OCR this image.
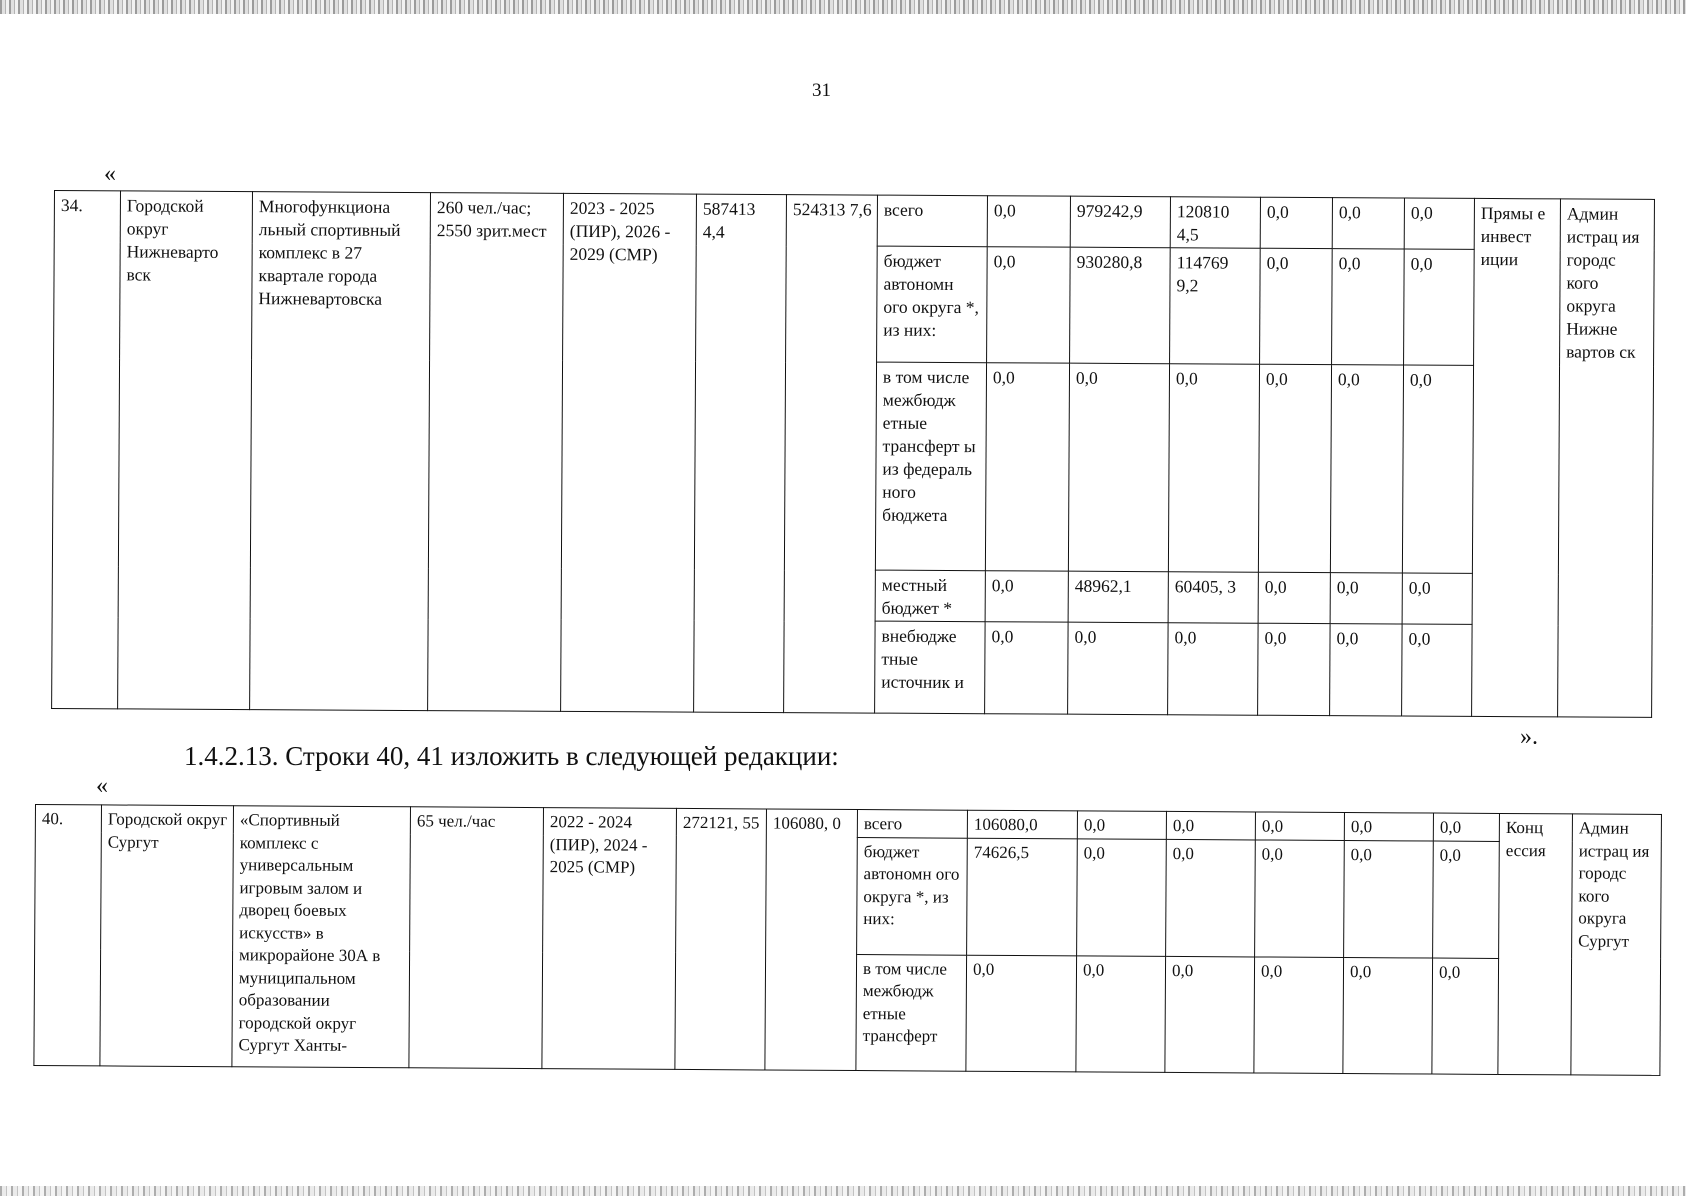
31
«
34.	Городской округ Нижневарто вск	Многофункциона льный спортивный комплекс в 27 квартале города Нижневартовска	260 чел./час; 2550 зрит.мест	2023 - 2025 (ПИР), 2026 - 2029 (СМР)	587413 4,4	524313 7,6	всего	0,0	979242,9	120810 4,5	0,0	0,0	0,0	Прямы е инвест иции	Админ истрац ия городс кого округа Нижне вартов ск
							бюджет автономн ого округа *, из них:	0,0	930280,8	114769 9,2	0,0	0,0	0,0		
							в том числе межбюдж етные трансферт ы из федераль ного бюджета	0,0	0,0	0,0	0,0	0,0	0,0		
							местный бюджет *	0,0	48962,1	60405, 3	0,0	0,0	0,0		
							внебюдже тные источник и	0,0	0,0	0,0	0,0	0,0	0,0		
».
1.4.2.13. Строки 40, 41 изложить в следующей редакции:
«
40.	Городской округ Сургут	«Спортивный комплекс с универсальным игровым залом и дворец боевых искусств» в микрорайоне 30А в муниципальном образовании городской округ Сургут Ханты-	65 чел./час	2022 - 2024 (ПИР), 2024 - 2025 (СМР)	272121, 55	106080, 0	всего	106080,0	0,0	0,0	0,0	0,0	0,0	Конц ессия	Админ истрац ия городс кого округа Сургут
							бюджет автономн ого округа *, из них:	74626,5	0,0	0,0	0,0	0,0	0,0		
							в том числе межбюдж етные трансферт	0,0	0,0	0,0	0,0	0,0	0,0		
